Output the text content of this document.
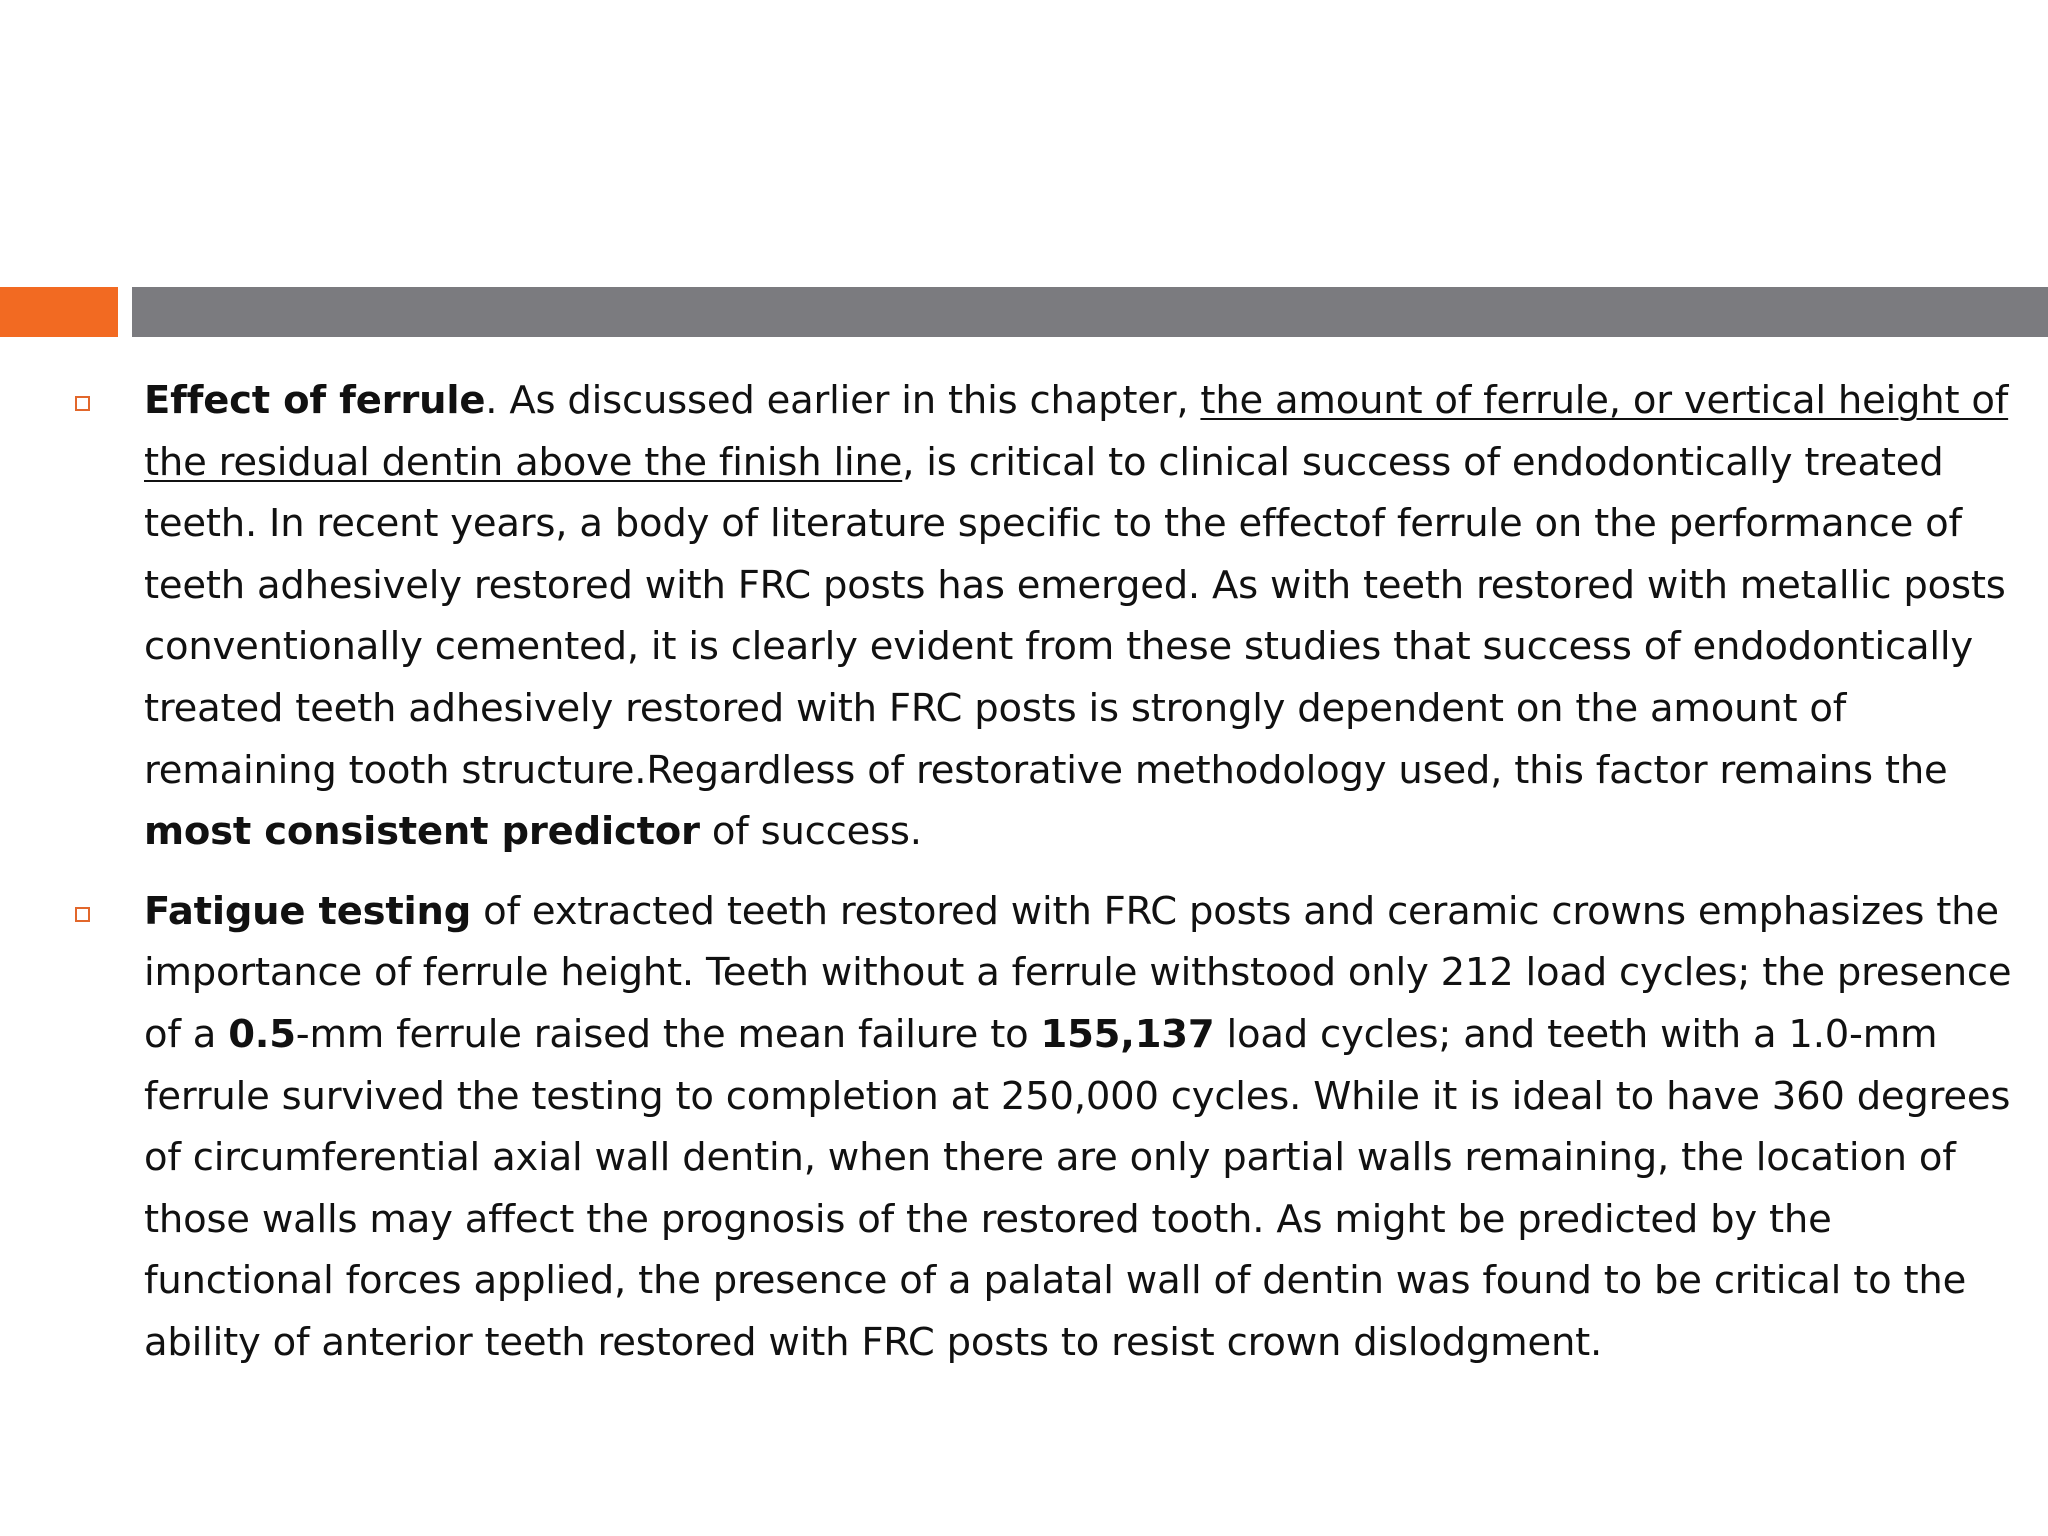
Effect of ferrule. As discussed earlier in this chapter, the amount of ferrule, or vertical height of the residual dentin above the finish line, is critical to clinical success of endodontically treated teeth. In recent years, a body of literature specific to the effectof ferrule on the performance of teeth adhesively restored with FRC posts has emerged. As with teeth restored with metallic posts conventionally cemented, it is clearly evident from these studies that success of endodontically treated teeth adhesively restored with FRC posts is strongly dependent on the amount of remaining tooth structure.Regardless of restorative methodology used, this factor remains the most consistent predictor of success.
Fatigue testing of extracted teeth restored with FRC posts and ceramic crowns emphasizes the importance of ferrule height. Teeth without a ferrule withstood only 212 load cycles; the presence of a 0.5-mm ferrule raised the mean failure to 155,137 load cycles; and teeth with a 1.0-mm ferrule survived the testing to completion at 250,000 cycles. While it is ideal to have 360 degrees of circumferential axial wall dentin, when there are only partial walls remaining, the location of those walls may affect the prognosis of the restored tooth. As might be predicted by the functional forces applied, the presence of a palatal wall of dentin was found to be critical to the ability of anterior teeth restored with FRC posts to resist crown dislodgment.
